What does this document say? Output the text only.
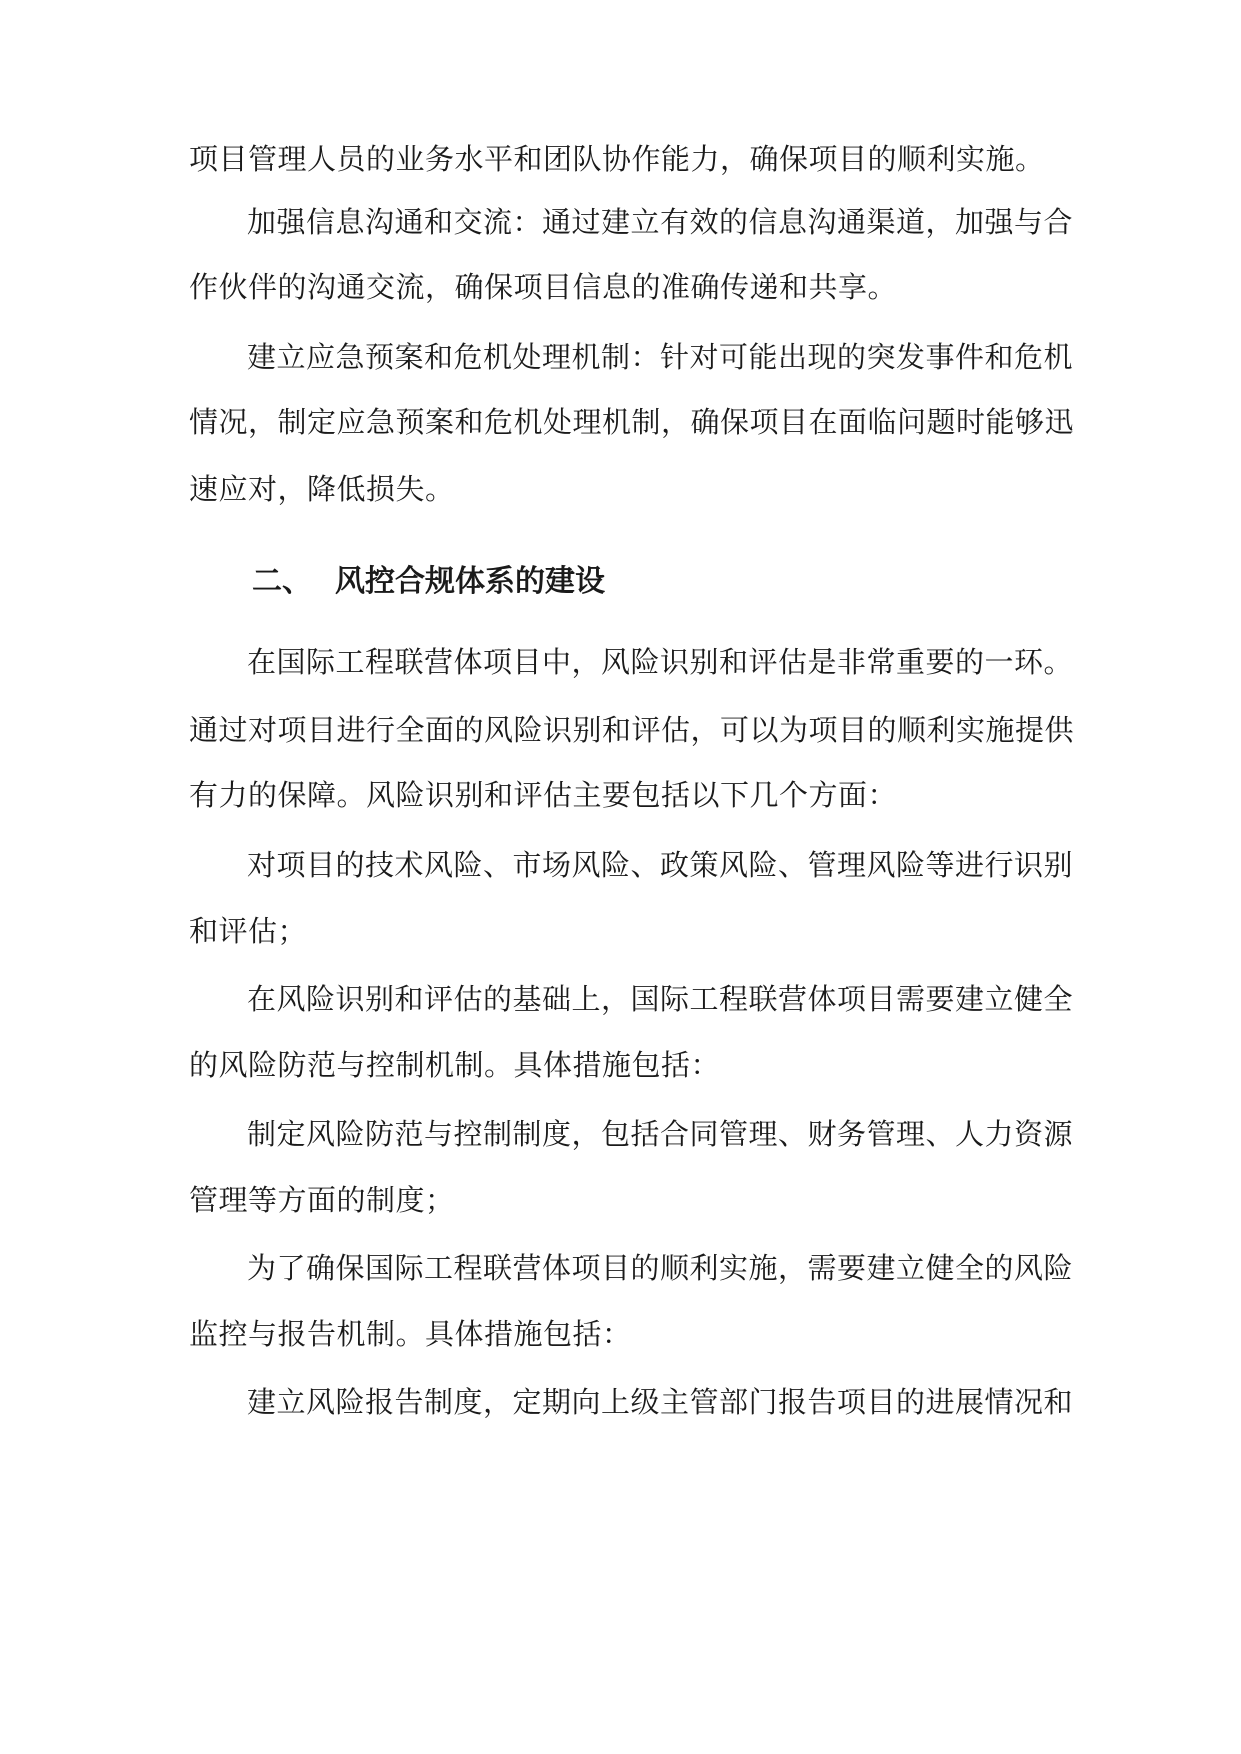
项目管理人员的业务水平和团队协作能力，确保项目的顺利实施。
加强信息沟通和交流：通过建立有效的信息沟通渠道，加强与合
作伙伴的沟通交流，确保项目信息的准确传递和共享。
建立应急预案和危机处理机制：针对可能出现的突发事件和危机
情况，制定应急预案和危机处理机制，确保项目在面临问题时能够迅
速应对，降低损失。
二、 风控合规体系的建设
在国际工程联营体项目中，风险识别和评估是非常重要的一环。
通过对项目进行全面的风险识别和评估，可以为项目的顺利实施提供
有力的保障。风险识别和评估主要包括以下几个方面：
对项目的技术风险、市场风险、政策风险、管理风险等进行识别
和评估；
在风险识别和评估的基础上，国际工程联营体项目需要建立健全
的风险防范与控制机制。具体措施包括：
制定风险防范与控制制度，包括合同管理、财务管理、人力资源
管理等方面的制度；
为了确保国际工程联营体项目的顺利实施，需要建立健全的风险
监控与报告机制。具体措施包括：
建立风险报告制度，定期向上级主管部门报告项目的进展情况和
